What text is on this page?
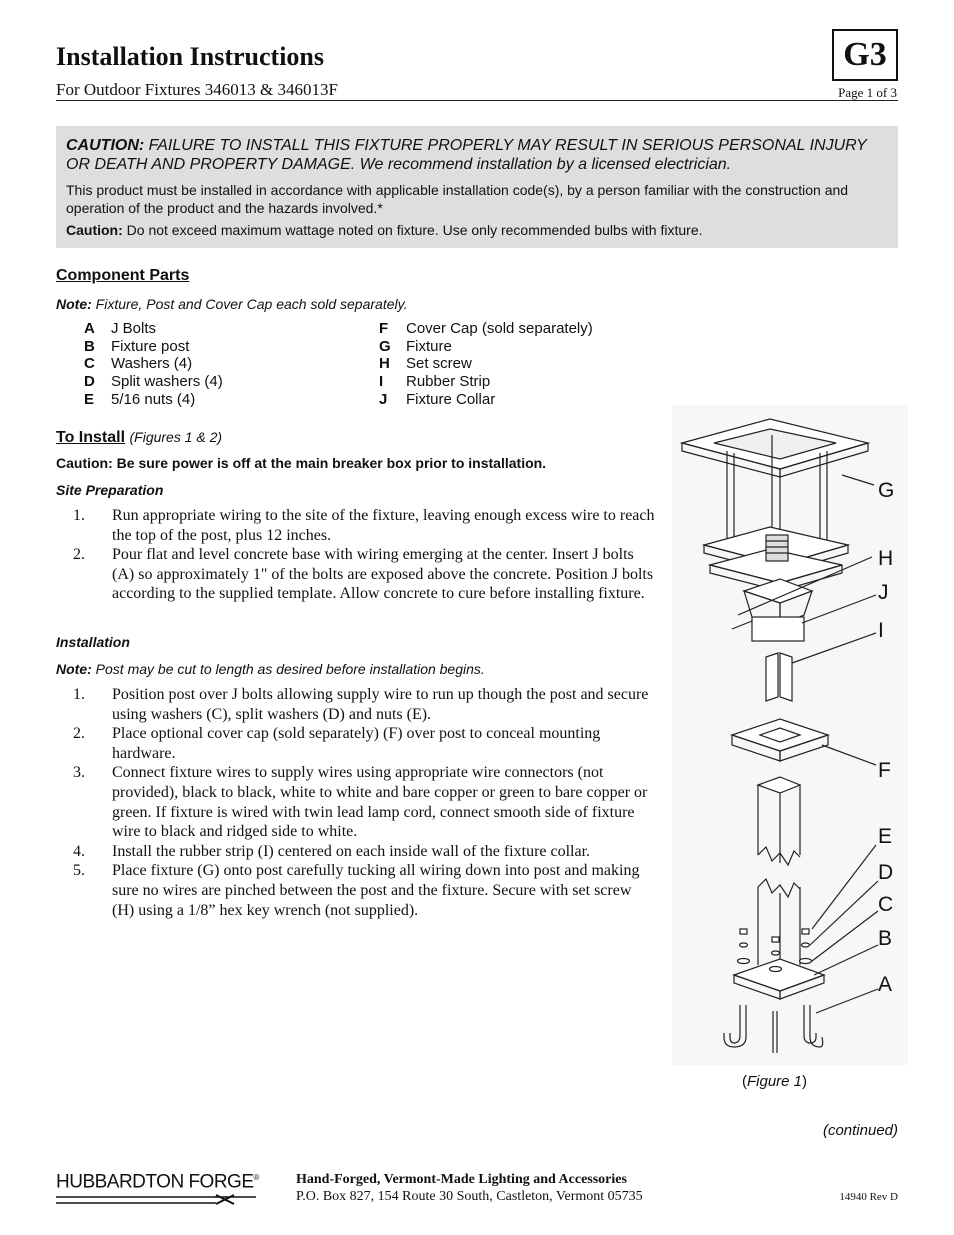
Installation Instructions
For Outdoor Fixtures 346013 & 346013F
G3
Page 1 of 3
CAUTION: FAILURE TO INSTALL THIS FIXTURE PROPERLY MAY RESULT IN SERIOUS PERSONAL INJURY OR DEATH AND PROPERTY DAMAGE. We recommend installation by a licensed electrician.
This product must be installed in accordance with applicable installation code(s), by a person familiar with the construction and operation of the product and the hazards involved.*
Caution: Do not exceed maximum wattage noted on fixture. Use only recommended bulbs with fixture.
Component Parts
Note: Fixture, Post and Cover Cap each sold separately.
A	J Bolts
B	Fixture post
C	Washers (4)
D	Split washers (4)
E	5/16 nuts (4)
F	Cover Cap (sold separately)
G	Fixture
H	Set screw
I	Rubber Strip
J	Fixture Collar
To Install (Figures 1 & 2)
Caution: Be sure power is off at the main breaker box prior to installation.
Site Preparation
1.	Run appropriate wiring to the site of the fixture, leaving enough excess wire to reach the top of the post, plus 12 inches.
2.	Pour flat and level concrete base with wiring emerging at the center. Insert J bolts (A) so approximately 1" of the bolts are exposed above the concrete. Position J bolts according to the supplied template. Allow concrete to cure before installing fixture.
Installation
Note: Post may be cut to length as desired before installation begins.
1.	Position post over J bolts allowing supply wire to run up though the post and secure using washers (C), split washers (D) and nuts (E).
2.	Place optional cover cap (sold separately) (F) over post to conceal mounting hardware.
3.	Connect fixture wires to supply wires using appropriate wire connectors (not provided), black to black, white to white and bare copper or green to bare copper or green. If fixture is wired with twin lead lamp cord, connect smooth side of fixture wire to black and ridged side to white.
4.	Install the rubber strip (I) centered on each inside wall of the fixture collar.
5.	Place fixture (G) onto post carefully tucking all wiring down into post and making sure no wires are pinched between the post and the fixture. Secure with set screw (H) using a 1/8” hex key wrench (not supplied).
G
H
J
I
F
E
D
C
B
A
(Figure 1)
(continued)
HUBBARDTON FORGE®	Hand-Forged, Vermont-Made Lighting and Accessories
P.O. Box 827, 154 Route 30 South, Castleton, Vermont 05735	14940 Rev D
